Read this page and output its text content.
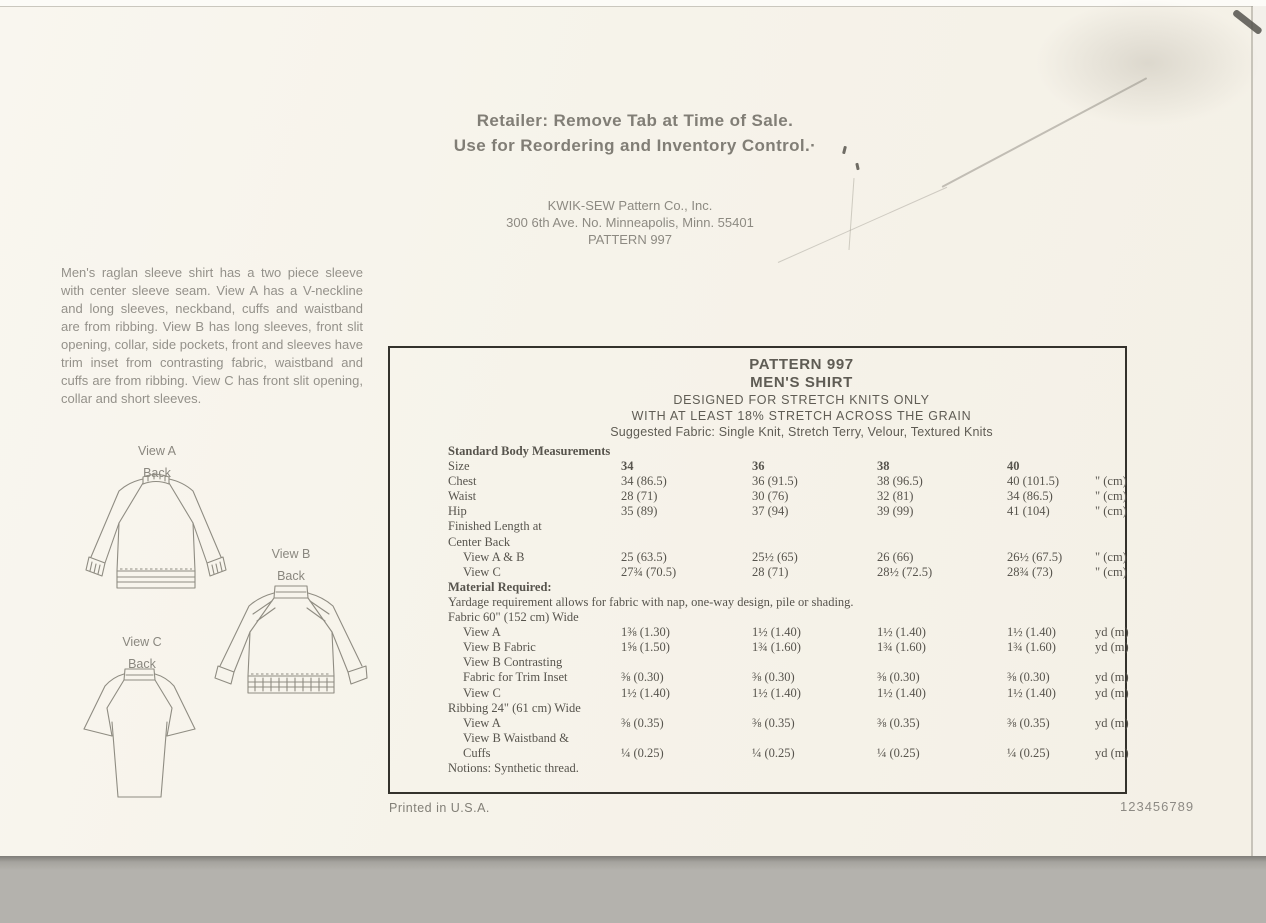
Retailer: Remove Tab at Time of Sale.
Use for Reordering and Inventory Control.·
KWIK-SEW Pattern Co., Inc.
300 6th Ave. No. Minneapolis, Minn. 55401
PATTERN 997
Men's raglan sleeve shirt has a two piece sleeve with center sleeve seam. View A has a V-neckline and long sleeves, neckband, cuffs and waistband are from ribbing. View B has long sleeves, front slit opening, collar, side pockets, front and sleeves have trim inset from contrasting fabric, waistband and cuffs are from ribbing. View C has front slit opening, collar and short sleeves.
View A
Back
View B
Back
View C
Back
PATTERN 997
MEN'S SHIRT
DESIGNED FOR STRETCH KNITS ONLY
WITH AT LEAST 18% STRETCH ACROSS THE GRAIN
Suggested Fabric: Single Knit, Stretch Terry, Velour, Textured Knits
Standard Body Measurements
Size	34	36	38	40
Chest	34 (86.5)	36 (91.5)	38 (96.5)	40 (101.5)	" (cm)
Waist	28 (71)	30 (76)	32 (81)	34 (86.5)	" (cm)
Hip	35 (89)	37 (94)	39 (99)	41 (104)	" (cm)
Finished Length at
Center Back
View A & B	25 (63.5)	25½ (65)	26 (66)	26½ (67.5)	" (cm)
View C	27¾ (70.5)	28 (71)	28½ (72.5)	28¾ (73)	" (cm)
Material Required:
Yardage requirement allows for fabric with nap, one-way design, pile or shading.
Fabric 60" (152 cm) Wide
View A	1⅜ (1.30)	1½ (1.40)	1½ (1.40)	1½ (1.40)	yd (m)
View B Fabric	1⅝ (1.50)	1¾ (1.60)	1¾ (1.60)	1¾ (1.60)	yd (m)
View B Contrasting
Fabric for Trim Inset	⅜ (0.30)	⅜ (0.30)	⅜ (0.30)	⅜ (0.30)	yd (m)
View C	1½ (1.40)	1½ (1.40)	1½ (1.40)	1½ (1.40)	yd (m)
Ribbing 24" (61 cm) Wide
View A	⅜ (0.35)	⅜ (0.35)	⅜ (0.35)	⅜ (0.35)	yd (m)
View B Waistband &
Cuffs	¼ (0.25)	¼ (0.25)	¼ (0.25)	¼ (0.25)	yd (m)
Notions: Synthetic thread.
Printed in U.S.A.	123456789
